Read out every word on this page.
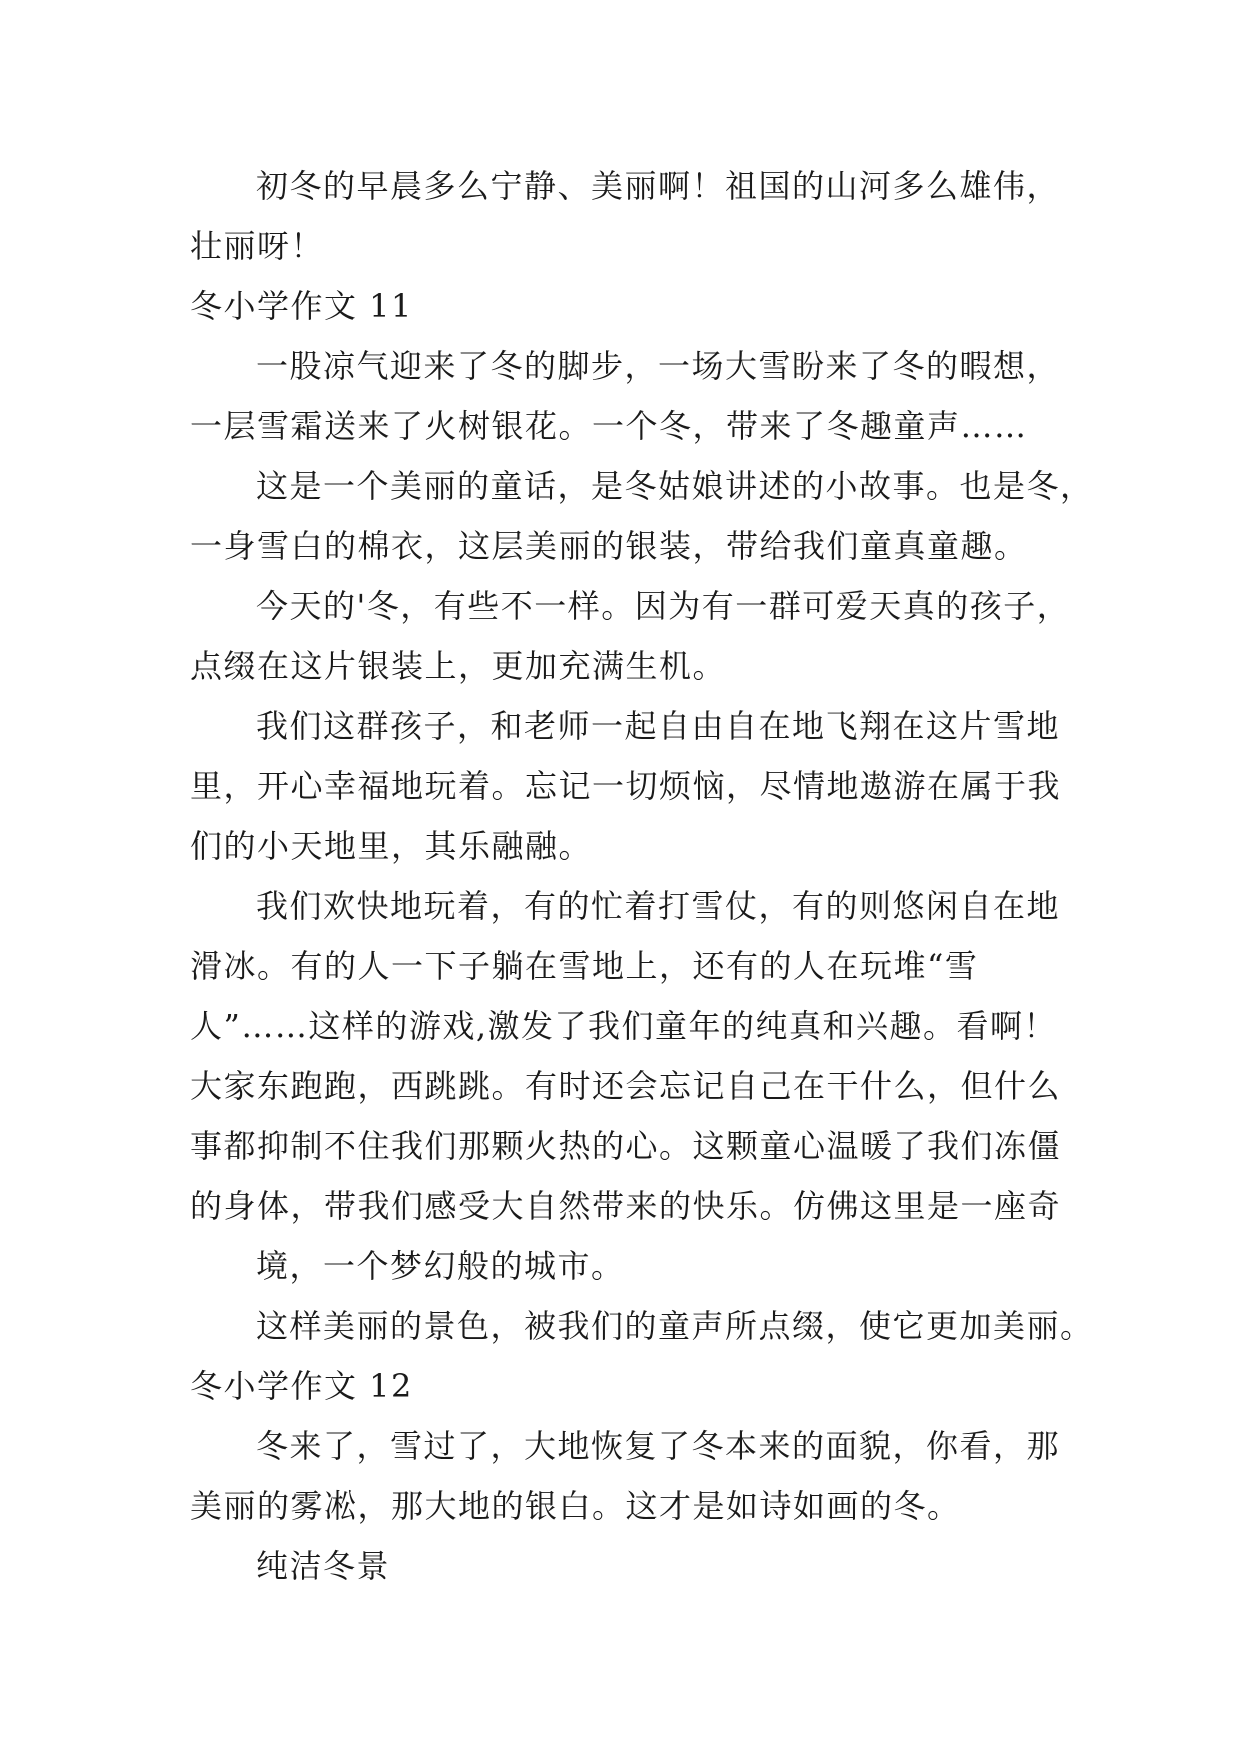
初冬的早晨多么宁静、美丽啊！祖国的山河多么雄伟，
壮丽呀！
冬小学作文 11
一股凉气迎来了冬的脚步，一场大雪盼来了冬的暇想，
一层雪霜送来了火树银花。一个冬，带来了冬趣童声……
这是一个美丽的童话，是冬姑娘讲述的小故事。也是冬，
一身雪白的棉衣，这层美丽的银装，带给我们童真童趣。
今天的'冬，有些不一样。因为有一群可爱天真的孩子，
点缀在这片银装上，更加充满生机。
我们这群孩子，和老师一起自由自在地飞翔在这片雪地
里，开心幸福地玩着。忘记一切烦恼，尽情地遨游在属于我
们的小天地里，其乐融融。
我们欢快地玩着，有的忙着打雪仗，有的则悠闲自在地
滑冰。有的人一下子躺在雪地上，还有的人在玩堆“雪
人”……这样的游戏,激发了我们童年的纯真和兴趣。看啊！
大家东跑跑，西跳跳。有时还会忘记自己在干什么，但什么
事都抑制不住我们那颗火热的心。这颗童心温暖了我们冻僵
的身体，带我们感受大自然带来的快乐。仿佛这里是一座奇
境，一个梦幻般的城市。
这样美丽的景色，被我们的童声所点缀，使它更加美丽。
冬小学作文 12
冬来了，雪过了，大地恢复了冬本来的面貌，你看，那
美丽的雾凇，那大地的银白。这才是如诗如画的冬。
纯洁冬景
